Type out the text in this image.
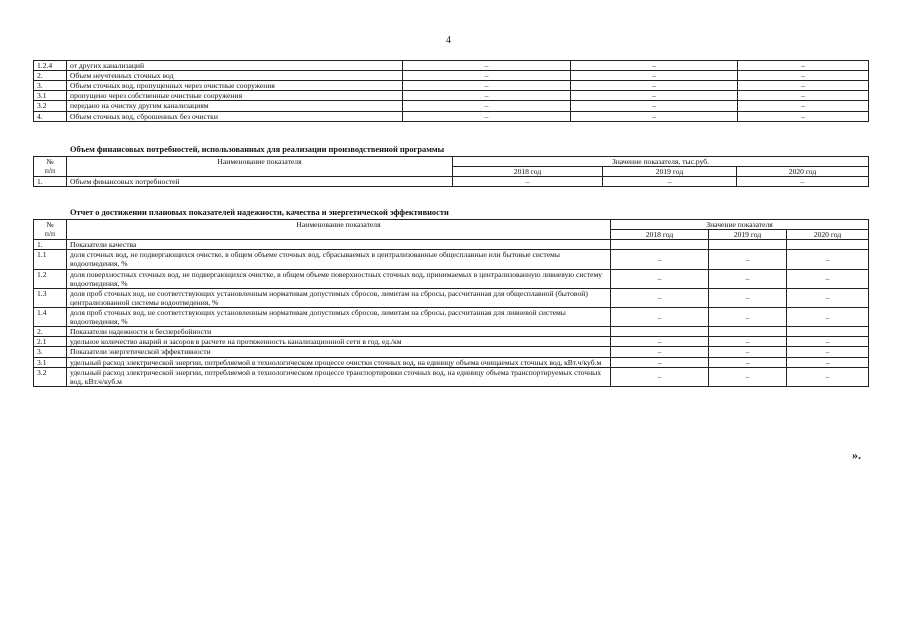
4
1.2.4	от других канализаций	–	–	–
2.	Объем неучтенных сточных вод	–	–	–
3.	Объем сточных вод, пропущенных через очистные сооружения	–	–	–
3.1	пропущено через собственные очистные сооружения	–	–	–
3.2	передано на очистку другим канализациям	–	–	–
4.	Объем сточных вод, сброшенных без очистки	–	–	–
Объем финансовых потребностей, использованных для реализации производственной программы
№
п/п	Наименование показателя	Значение показателя, тыс.руб.		
		2018 год	2019 год	2020 год
1.	Объем финансовых потребностей	–	–	–
Отчет о достижении плановых показателей надежности, качества и энергетической эффективности
№
п/п	Наименование показателя	Значение показателя		
		2018 год	2019 год	2020 год
1.	Показатели качества			
1.1	доля сточных вод, не подвергающихся очистке, в общем объеме сточных вод, сбрасываемых в централизованные общесплавные или бытовые системы водоотведения, %	–	–	–
1.2	доля поверхностных сточных вод, не подвергающихся очистке, в общем объеме поверхностных сточных вод, принимаемых в централизованную ливневую систему водоотведения, %	–	–	–
1.3	доля проб сточных вод, не соответствующих установленным нормативам допустимых сбросов, лимитам на сбросы, рассчитанная для общесплавной (бытовой) централизованной системы водоотведения, %	–	–	–
1.4	доля проб сточных вод, не соответствующих установленным нормативам допустимых сбросов, лимитам на сбросы, рассчитанная для ливневой системы водоотведения, %	–	–	–
2.	Показатели надежности и бесперебойности			
2.1	удельное количество аварий и засоров в расчете на протяженность канализационной сети в год, ед./км	–	–	–
3.	Показатели энергетической эффективности	–	–	–
3.1	удельный расход электрической энергии, потребляемой в технологическом процессе очистки сточных вод, на единицу объема очищаемых сточных вод, кВт.ч/куб.м	–	–	–
3.2	удельный расход электрической энергии, потребляемой в технологическом процессе транспортировки сточных вод, на единицу объема транспортируемых сточных вод, кВт.ч/куб.м	–	–	–
».
